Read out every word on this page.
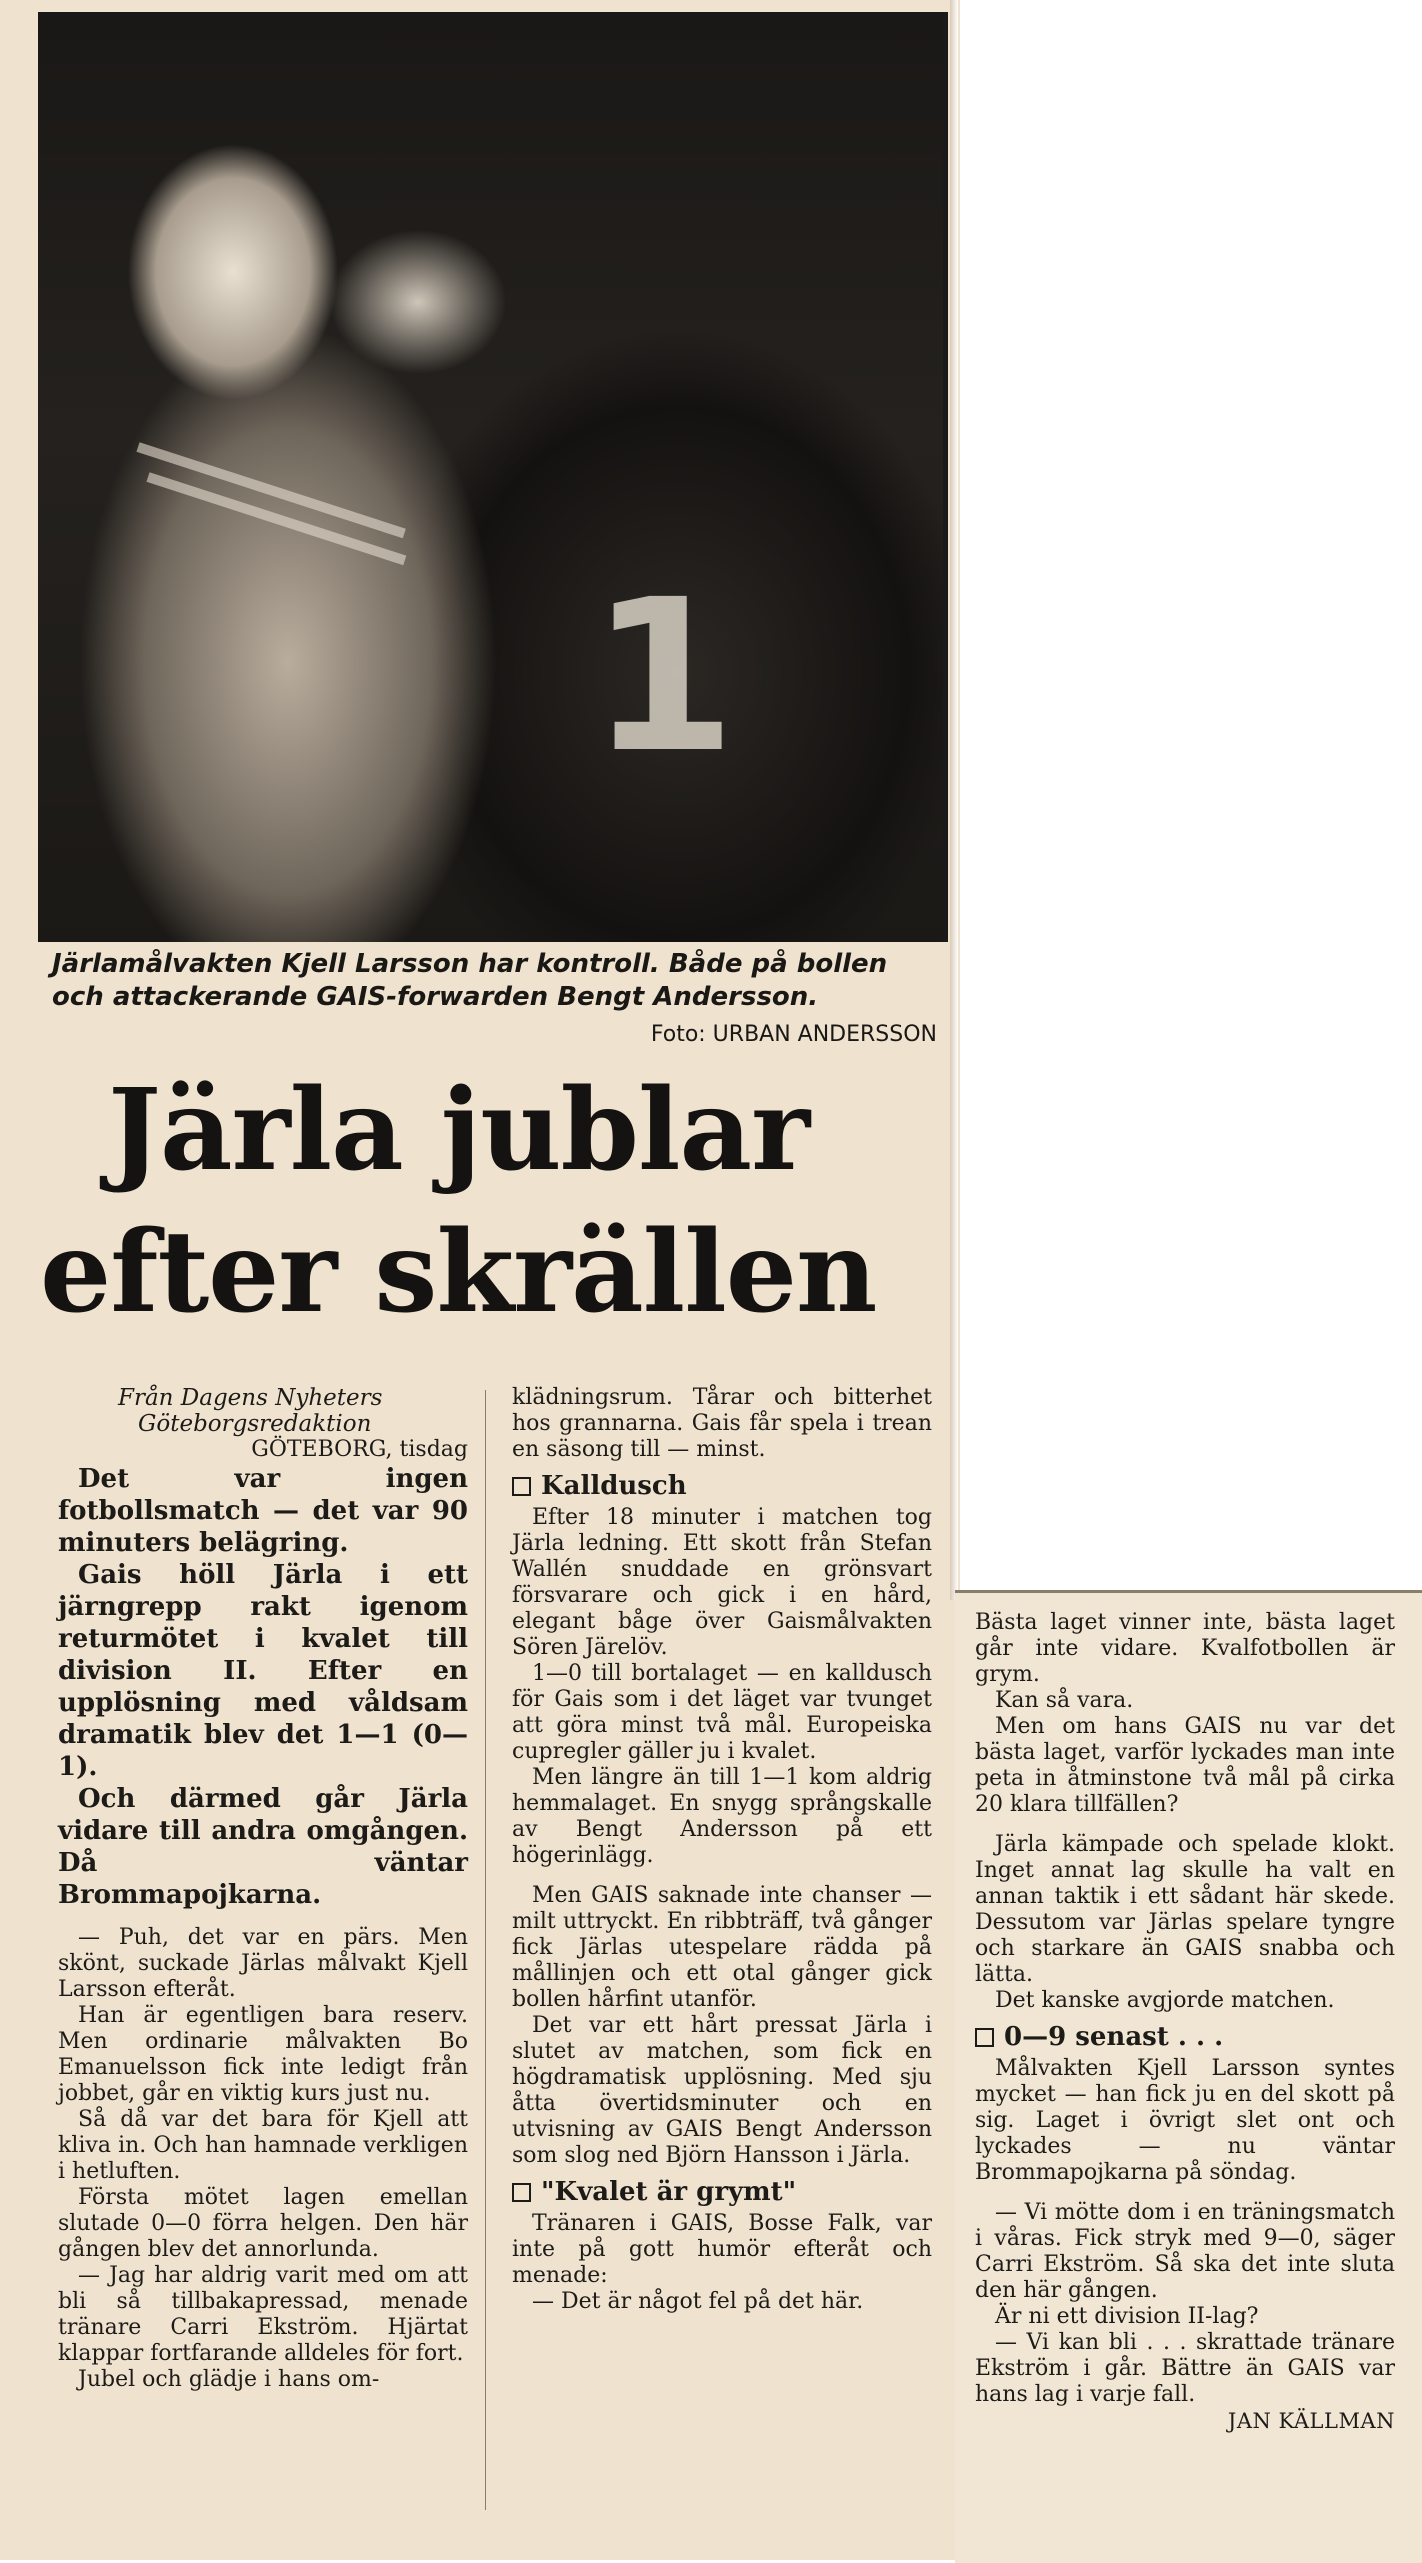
1
Järlamålvakten Kjell Larsson har kontroll. Både på bollen och attackerande GAIS-forwarden Bengt Andersson.
Foto: URBAN ANDERSSON
Järla jublar
efter skrällen

Från Dagens Nyheters

Göteborgsredaktion

GÖTEBORG, tisdag

Det var ingen fotbollsmatch — det var 90 minuters belägring.

Gais höll Järla i ett järngrepp rakt igenom returmötet i kvalet till division II. Efter en upplösning med våldsam dramatik blev det 1—1 (0—1).

Och därmed går Järla vidare till andra omgången. Då väntar Brommapojkarna.

— Puh, det var en pärs. Men skönt, suckade Järlas målvakt Kjell Larsson efteråt.

Han är egentligen bara reserv. Men ordinarie målvakten Bo Emanuelsson fick inte ledigt från jobbet, går en viktig kurs just nu.

Så då var det bara för Kjell att kliva in. Och han hamnade verkligen i hetluften.

Första mötet lagen emellan slutade 0—0 förra helgen. Den här gången blev det annorlunda.

— Jag har aldrig varit med om att bli så tillbakapressad, menade tränare Carri Ekström. Hjärtat klappar fortfarande alldeles för fort.

Jubel och glädje i hans om-

klädningsrum. Tårar och bitterhet hos grannarna. Gais får spela i trean en säsong till — minst.

Kalldusch

Efter 18 minuter i matchen tog Järla ledning. Ett skott från Stefan Wallén snuddade en grönsvart försvarare och gick i en hård, elegant båge över Gaismålvakten Sören Järelöv.

1—0 till bortalaget — en kalldusch för Gais som i det läget var tvunget att göra minst två mål. Europeiska cupregler gäller ju i kvalet.

Men längre än till 1—1 kom aldrig hemmalaget. En snygg språngskalle av Bengt Andersson på ett högerinlägg.

Men GAIS saknade inte chanser — milt uttryckt. En ribbträff, två gånger fick Järlas utespelare rädda på mållinjen och ett otal gånger gick bollen hårfint utanför.

Det var ett hårt pressat Järla i slutet av matchen, som fick en högdramatisk upplösning. Med sju åtta övertidsminuter och en utvisning av GAIS Bengt Andersson som slog ned Björn Hansson i Järla.

"Kvalet är grymt"

Tränaren i GAIS, Bosse Falk, var inte på gott humör efteråt och menade:

— Det är något fel på det här.

Bästa laget vinner inte, bästa laget går inte vidare. Kvalfotbollen är grym.

Kan så vara.

Men om hans GAIS nu var det bästa laget, varför lyckades man inte peta in åtminstone två mål på cirka 20 klara tillfällen?

Järla kämpade och spelade klokt. Inget annat lag skulle ha valt en annan taktik i ett sådant här skede. Dessutom var Järlas spelare tyngre och starkare än GAIS snabba och lätta.

Det kanske avgjorde matchen.

0—9 senast . . .

Målvakten Kjell Larsson syntes mycket — han fick ju en del skott på sig. Laget i övrigt slet ont och lyckades — nu väntar Brommapojkarna på söndag.

— Vi mötte dom i en träningsmatch i våras. Fick stryk med 9—0, säger Carri Ekström. Så ska det inte sluta den här gången.

Är ni ett division II-lag?

— Vi kan bli . . . skrattade tränare Ekström i går. Bättre än GAIS var hans lag i varje fall.

JAN KÄLLMAN
